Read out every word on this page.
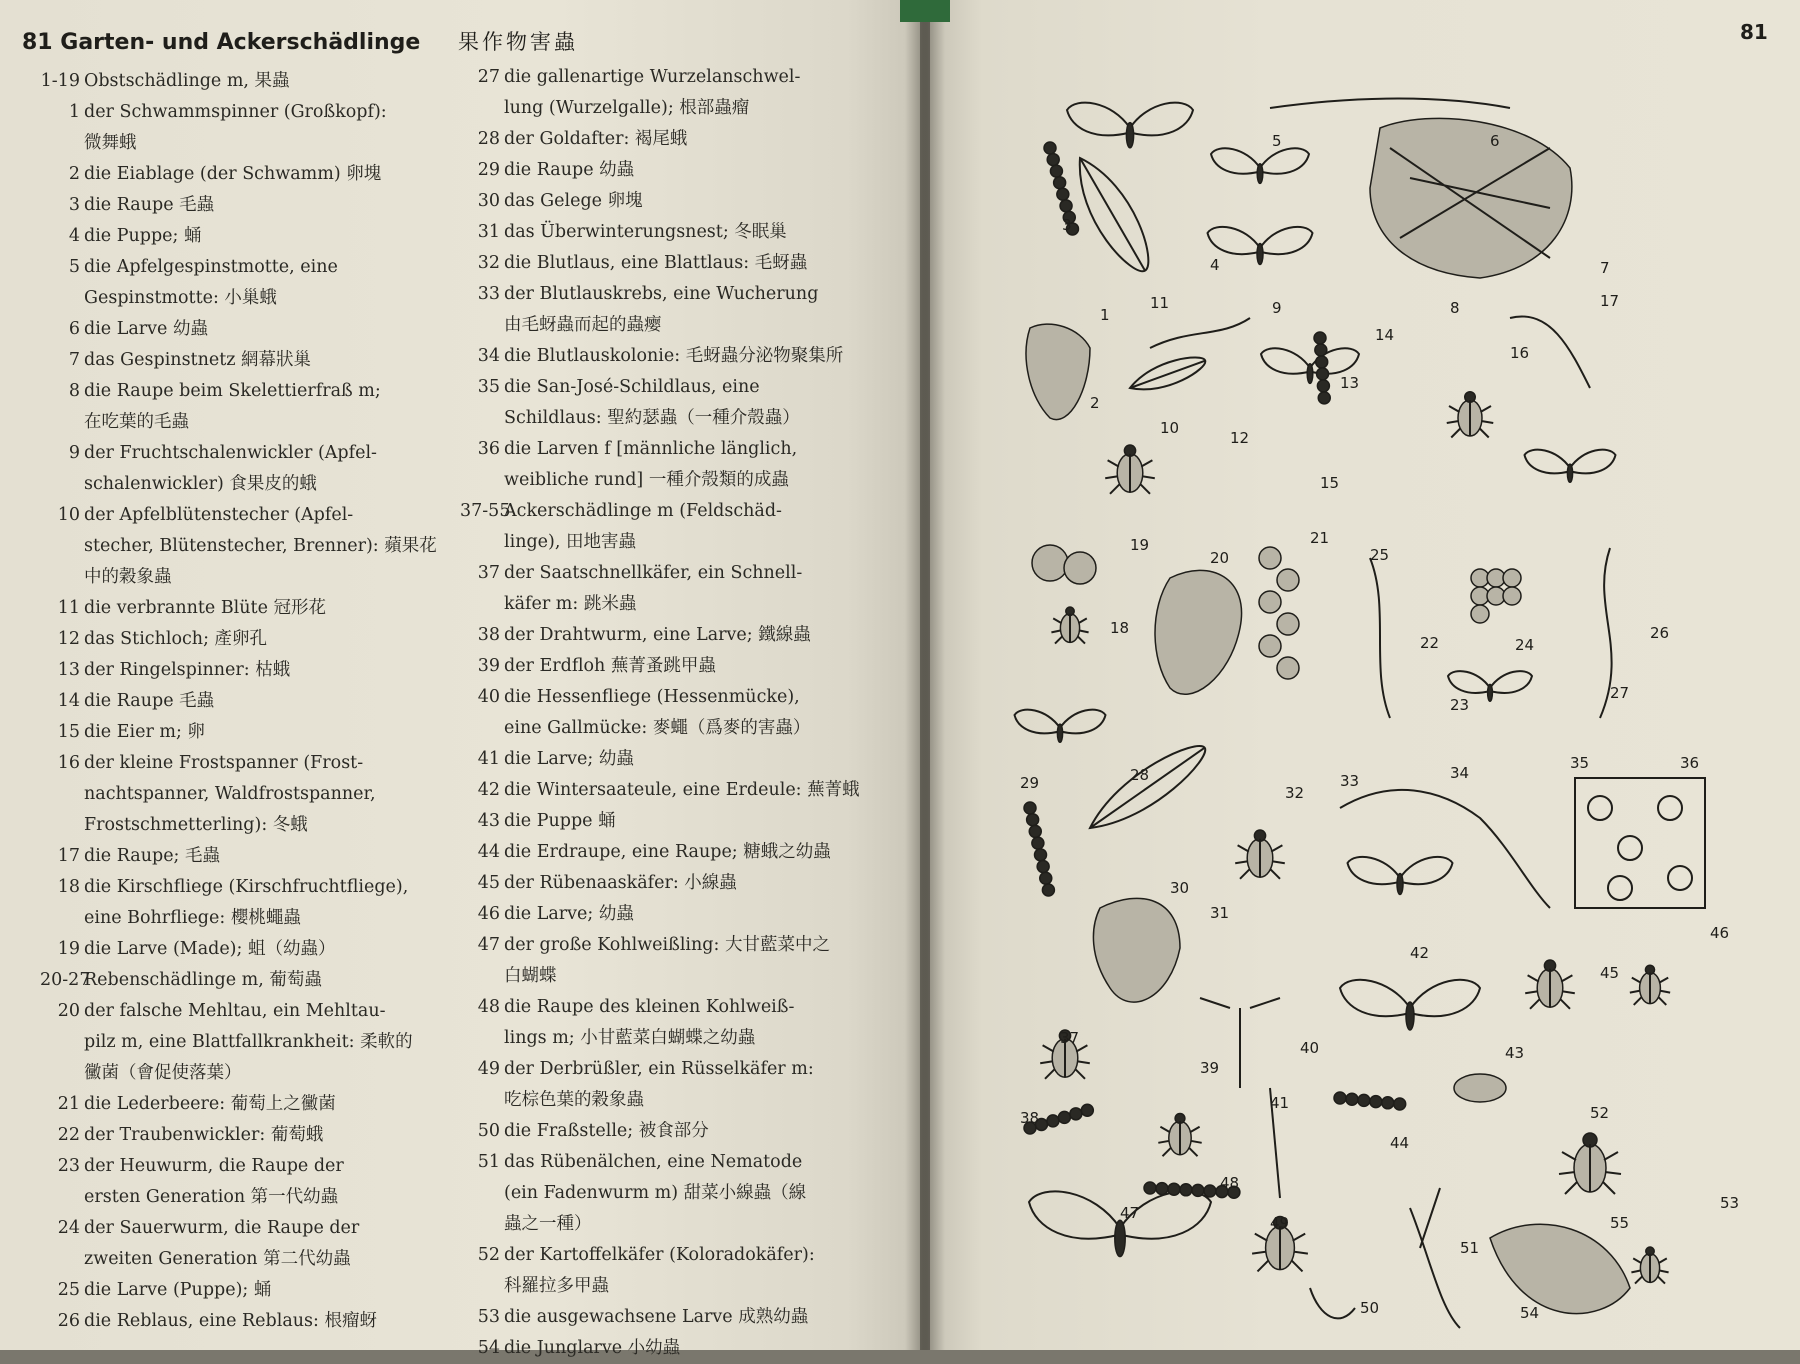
81 Garten- und Ackerschädlinge 果作物害蟲	81
1-19 Obstschädlinge m, 果蟲
1 der Schwammspinner (Großkopf):
微舞蛾
2 die Eiablage (der Schwamm) 卵塊
3 die Raupe 毛蟲
4 die Puppe; 蛹
5 die Apfelgespinstmotte, eine
Gespinstmotte: 小巢蛾
6 die Larve 幼蟲
7 das Gespinstnetz 網幕狀巢
8 die Raupe beim Skelettierfraß m;
在吃葉的毛蟲
9 der Fruchtschalenwickler (Apfel-
schalenwickler) 食果皮的蛾
10 der Apfelblütenstecher (Apfel-
stecher, Blütenstecher, Brenner): 蘋果花
中的穀象蟲
11 die verbrannte Blüte 冠形花
12 das Stichloch; 產卵孔
13 der Ringelspinner: 枯蛾
14 die Raupe 毛蟲
15 die Eier m; 卵
16 der kleine Frostspanner (Frost-
nachtspanner, Waldfrostspanner,
Frostschmetterling): 冬蛾
17 die Raupe; 毛蟲
18 die Kirschfliege (Kirschfruchtfliege),
eine Bohrfliege: 櫻桃蠅蟲
19 die Larve (Made); 蛆（幼蟲）
20-27
Rebenschädlinge m, 葡萄蟲
20 der falsche Mehltau, ein Mehltau-
pilz m, eine Blattfallkrankheit: 柔軟的
黴菌（會促使落葉）
21 die Lederbeere: 葡萄上之黴菌
22 der Traubenwickler: 葡萄蛾
23 der Heuwurm, die Raupe der
ersten Generation 第一代幼蟲
24 der Sauerwurm, die Raupe der
zweiten Generation 第二代幼蟲
25 die Larve (Puppe); 蛹
26 die Reblaus, eine Reblaus: 根瘤蚜
27 die gallenartige Wurzelanschwel-
lung (Wurzelgalle); 根部蟲瘤
28 der Goldafter: 褐尾蛾
29 die Raupe 幼蟲
30 das Gelege 卵塊
31 das Überwinterungsnest; 冬眠巢
32 die Blutlaus, eine Blattlaus: 毛蚜蟲
33 der Blutlauskrebs, eine Wucherung
由毛蚜蟲而起的蟲瘿
34 die Blutlauskolonie: 毛蚜蟲分泌物聚集所
35 die San-José-Schildlaus, eine
Schildlaus: 聖約瑟蟲（一種介殼蟲）
36 die Larven f [männliche länglich,
weibliche rund] 一種介殼類的成蟲
37-55
Ackerschädlinge m (Feldschäd-
linge), 田地害蟲
37 der Saatschnellkäfer, ein Schnell-
käfer m: 跳米蟲
38 der Drahtwurm, eine Larve; 鐵線蟲
39 der Erdfloh 蕪菁蚤跳甲蟲
40 die Hessenfliege (Hessenmücke),
eine Gallmücke: 麥蠅（爲麥的害蟲）
41 die Larve; 幼蟲
42 die Wintersaateule, eine Erdeule: 蕪菁蛾
43 die Puppe 蛹
44 die Erdraupe, eine Raupe; 糖蛾之幼蟲
45 der Rübenaaskäfer: 小線蟲
46 die Larve; 幼蟲
47 der große Kohlweißling: 大甘藍菜中之
白蝴蝶
48 die Raupe des kleinen Kohlweiß-
lings m; 小甘藍菜白蝴蝶之幼蟲
49 der Derbrüßler, ein Rüsselkäfer m:
吃棕色葉的穀象蟲
50 die Fraßstelle; 被食部分
51 das Rübenälchen, eine Nematode
(ein Fadenwurm m) 甜菜小線蟲（線
蟲之一種）
52 der Kartoffelkäfer (Koloradokäfer):
科羅拉多甲蟲
53 die ausgewachsene Larve 成熟幼蟲
54 die Junglarve 小幼蟲
1
2
3
4
5	6
7
8
9
10
11
12
13
14
15
16
17
18
19
20
21
22
23
24
25
26
27
28
29
30
31
32
33	34
35	36
37
38
39
40
41
42
43
44
45
46
47
48
49
50
51
52
53
54
55
